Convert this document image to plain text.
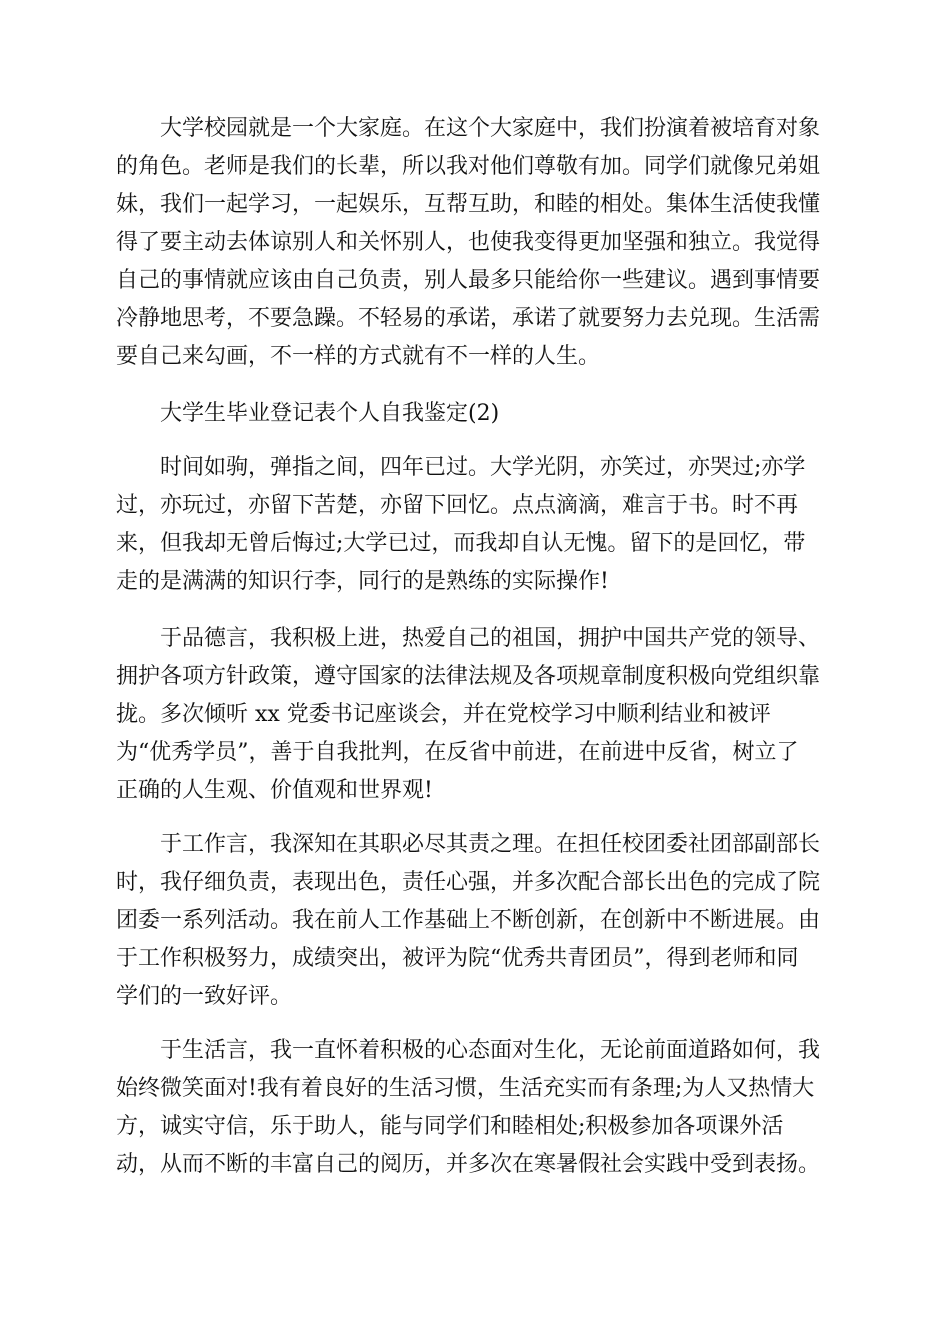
大学校园就是一个大家庭。在这个大家庭中，我们扮演着被培育对象
的角色。老师是我们的长辈，所以我对他们尊敬有加。同学们就像兄弟姐
妹，我们一起学习，一起娱乐，互帮互助，和睦的相处。集体生活使我懂
得了要主动去体谅别人和关怀别人，也使我变得更加坚强和独立。我觉得
自己的事情就应该由自己负责，别人最多只能给你一些建议。遇到事情要
冷静地思考，不要急躁。不轻易的承诺，承诺了就要努力去兑现。生活需
要自己来勾画，不一样的方式就有不一样的人生。

大学生毕业登记表个人自我鉴定(2)

时间如驹，弹指之间，四年已过。大学光阴，亦笑过，亦哭过;亦学
过，亦玩过，亦留下苦楚，亦留下回忆。点点滴滴，难言于书。时不再
来，但我却无曾后悔过;大学已过，而我却自认无愧。留下的是回忆，带
走的是满满的知识行李，同行的是熟练的实际操作!

于品德言，我积极上进，热爱自己的祖国，拥护中国共产党的领导、
拥护各项方针政策，遵守国家的法律法规及各项规章制度积极向党组织靠
拢。多次倾听 xx 党委书记座谈会，并在党校学习中顺利结业和被评
为“优秀学员”，善于自我批判，在反省中前进，在前进中反省，树立了
正确的人生观、价值观和世界观!

于工作言，我深知在其职必尽其责之理。在担任校团委社团部副部长
时，我仔细负责，表现出色，责任心强，并多次配合部长出色的完成了院
团委一系列活动。我在前人工作基础上不断创新，在创新中不断进展。由
于工作积极努力，成绩突出，被评为院“优秀共青团员”，得到老师和同
学们的一致好评。

于生活言，我一直怀着积极的心态面对生化，无论前面道路如何，我
始终微笑面对!我有着良好的生活习惯，生活充实而有条理;为人又热情大
方，诚实守信，乐于助人，能与同学们和睦相处;积极参加各项课外活
动，从而不断的丰富自己的阅历，并多次在寒暑假社会实践中受到表扬。
